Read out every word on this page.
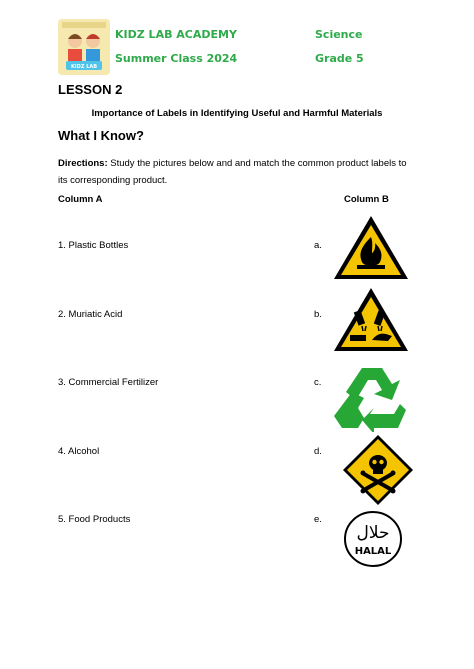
KIDZ LAB
KIDZ LAB ACADEMY	Science
Summer Class 2024	Grade 5
LESSON 2
Importance of Labels in Identifying Useful and Harmful Materials
What I Know?
Directions: Study the pictures below and and match the common product labels to its corresponding product.
Column A	Column B
1. Plastic Bottles	a.
2. Muriatic Acid	b.
3. Commercial Fertilizer	c.
4. Alcohol	d.
5. Food Products	e.
حلال
HALAL
